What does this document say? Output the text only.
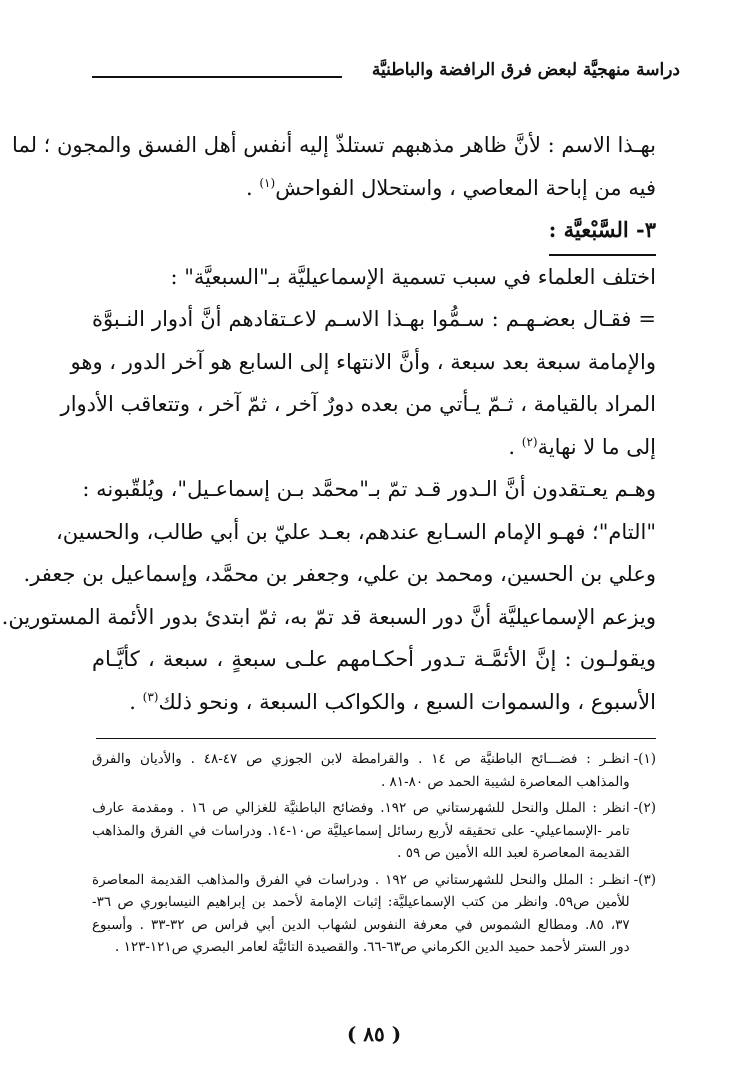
دراسة منهجيَّة لبعض فرق الرافضة والباطنيَّة

بهـذا الاسم : لأنَّ ظاهر مذهبهم تستلذّ إليه أنفس أهل الفسق والمجون ؛ لما
فيه من إباحة المعاصي ، واستحلال الفواحش$^{(١)}$ .

٣- السَّبْعيَّة :

اختلف العلماء في سبب تسمية الإسماعيليَّة بـ"السبعيَّة" :
= فقـال بعضـهـم : سـمُّوا بهـذا الاسـم لاعـتقادهم أنَّ أدوار النـبوَّة
والإمامة سبعة بعد سبعة ، وأنَّ الانتهاء إلى السابع هو آخر الدور ، وهو
المراد بالقيامة ، ثـمّ يـأتي من بعده دورٌ آخر ، ثمّ آخر ، وتتعاقب الأدوار
إلى ما لا نهاية$^{(٢)}$ .

وهـم يعـتقدون أنَّ الـدور قـد تمّ بـ"محمَّد بـن إسماعـيل"، ويُلقّبونه :
"التام"؛ فهـو الإمام السـابع عندهم، بعـد عليّ بن أبي طالب، والحسين،
وعلي بن الحسين، ومحمد بن علي، وجعفر بن محمَّد، وإسماعيل بن جعفر.
ويزعم الإسماعيليَّة أنَّ دور السبعة قد تمّ به، ثمّ ابتدئ بدور الأئمة المستورين.
ويقولـون : إنَّ الأئمَّـة تـدور أحكـامهم علـى سبعةٍ ، سبعة ، كأيَّـام
الأسبوع ، والسموات السبع ، والكواكب السبعة ، ونحو ذلك$^{(٣)}$ .

(١)-
انظـر : فضـــائح الباطنيَّة ص ١٤ . والقرامطة لابن الجوزي ص ٤٧-٤٨ . والأديان والفرق
والمذاهب المعاصرة لشيبة الحمد ص ٨٠-٨١ .
(٢)-
انظر : الملل والنحل للشهرستاني ص ١٩٢. وفضائح الباطنيَّة للغزالي ص ١٦ . ومقدمة عارف
تامر -الإسماعيلي- على تحقيقه لأربع رسائل إسماعيليَّة ص١٠-١٤. ودراسات في الفرق والمذاهب
القديمة المعاصرة لعبد الله الأمين ص ٥٩ .
(٣)-
انظـر : الملل والنحل للشهرستاني ص ١٩٢ . ودراسات في الفرق والمذاهب القديمة المعاصرة
للأمين ص٥٩. وانظر من كتب الإسماعيليَّة: إثبات الإمامة لأحمد بن إبراهيم النيسابوري ص ٣٦-
٣٧، ٨٥. ومطالع الشموس في معرفة النفوس لشهاب الدين أبي فراس ص ٣٢-٣٣ . وأسبوع
دور الستر لأحمد حميد الدين الكرماني ص٦٣-٦٦. والقصيدة التائيَّة لعامر البصري ص١٢١-١٢٣ .
( ٨٥ )
